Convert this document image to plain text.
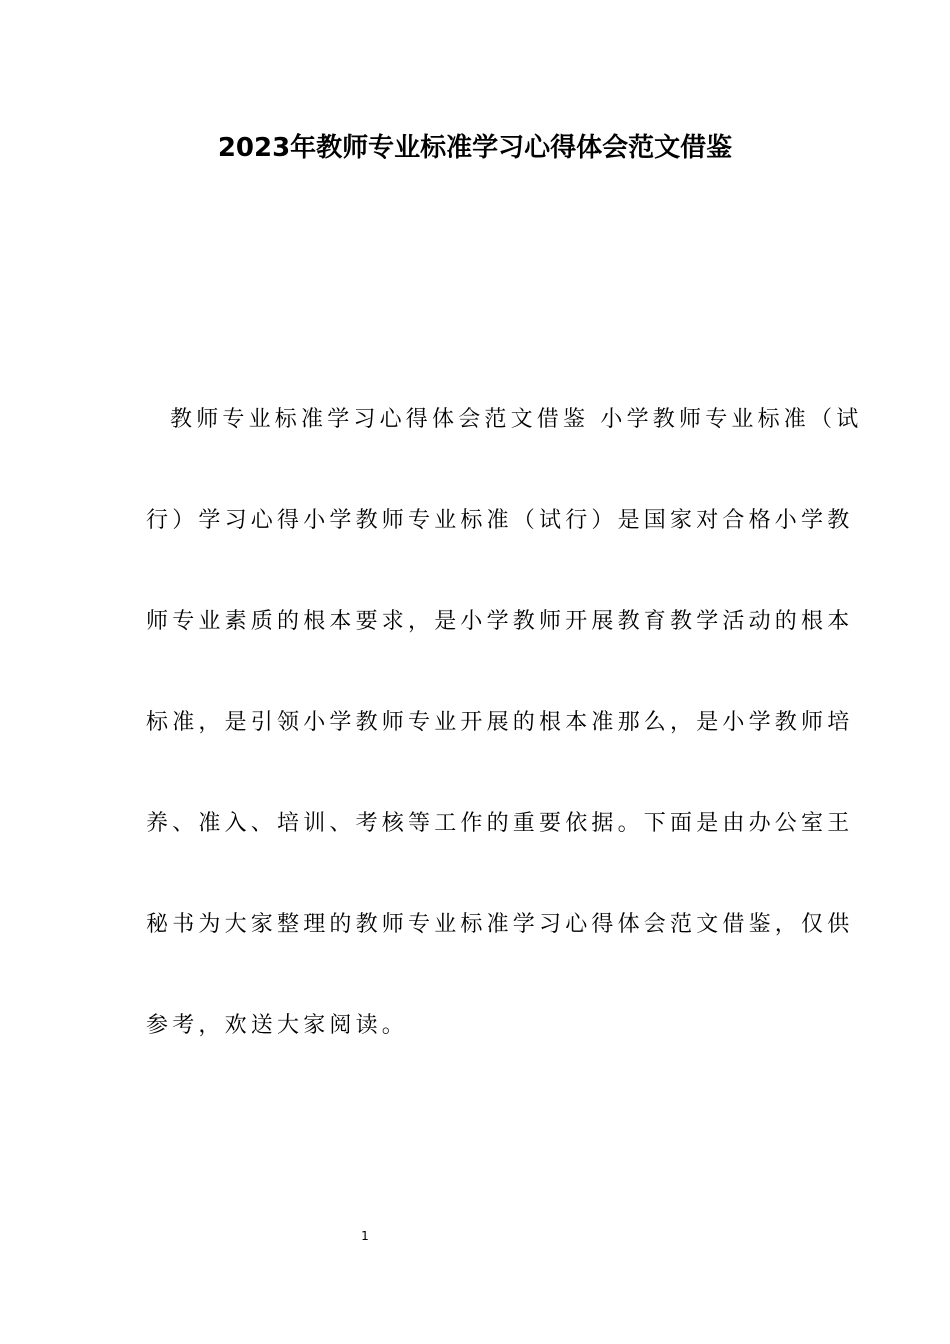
2023年教师专业标准学习心得体会范文借鉴
教师专业标准学习心得体会范文借鉴 小学教师专业标准（试
行）学习心得小学教师专业标准（试行）是国家对合格小学教
师专业素质的根本要求，是小学教师开展教育教学活动的根本
标准，是引领小学教师专业开展的根本准那么，是小学教师培
养、准入、培训、考核等工作的重要依据。下面是由办公室王
秘书为大家整理的教师专业标准学习心得体会范文借鉴，仅供
参考，欢送大家阅读。
1
